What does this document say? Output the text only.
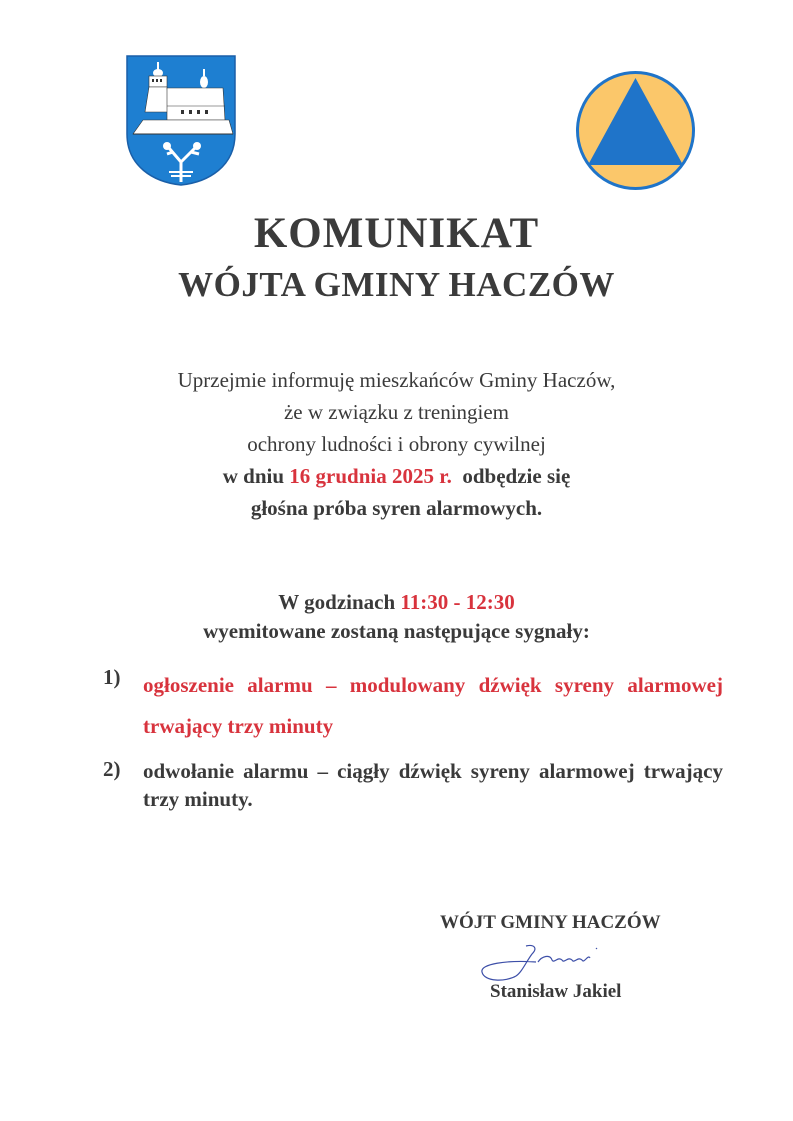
KOMUNIKAT
WÓJTA GMINY HACZÓW
Uprzejmie informuję mieszkańców Gminy Haczów,
że w związku z treningiem
ochrony ludności i obrony cywilnej
w dniu 16 grudnia 2025 r.  odbędzie się
głośna próba syren alarmowych.
W godzinach 11:30 - 12:30
wyemitowane zostaną następujące sygnały:
1)	ogłoszenie alarmu – modulowany dźwięk syreny alarmowej trwający trzy minuty
2)	odwołanie alarmu – ciągły dźwięk syreny alarmowej trwający trzy minuty.
WÓJT GMINY HACZÓW
Stanisław Jakiel
